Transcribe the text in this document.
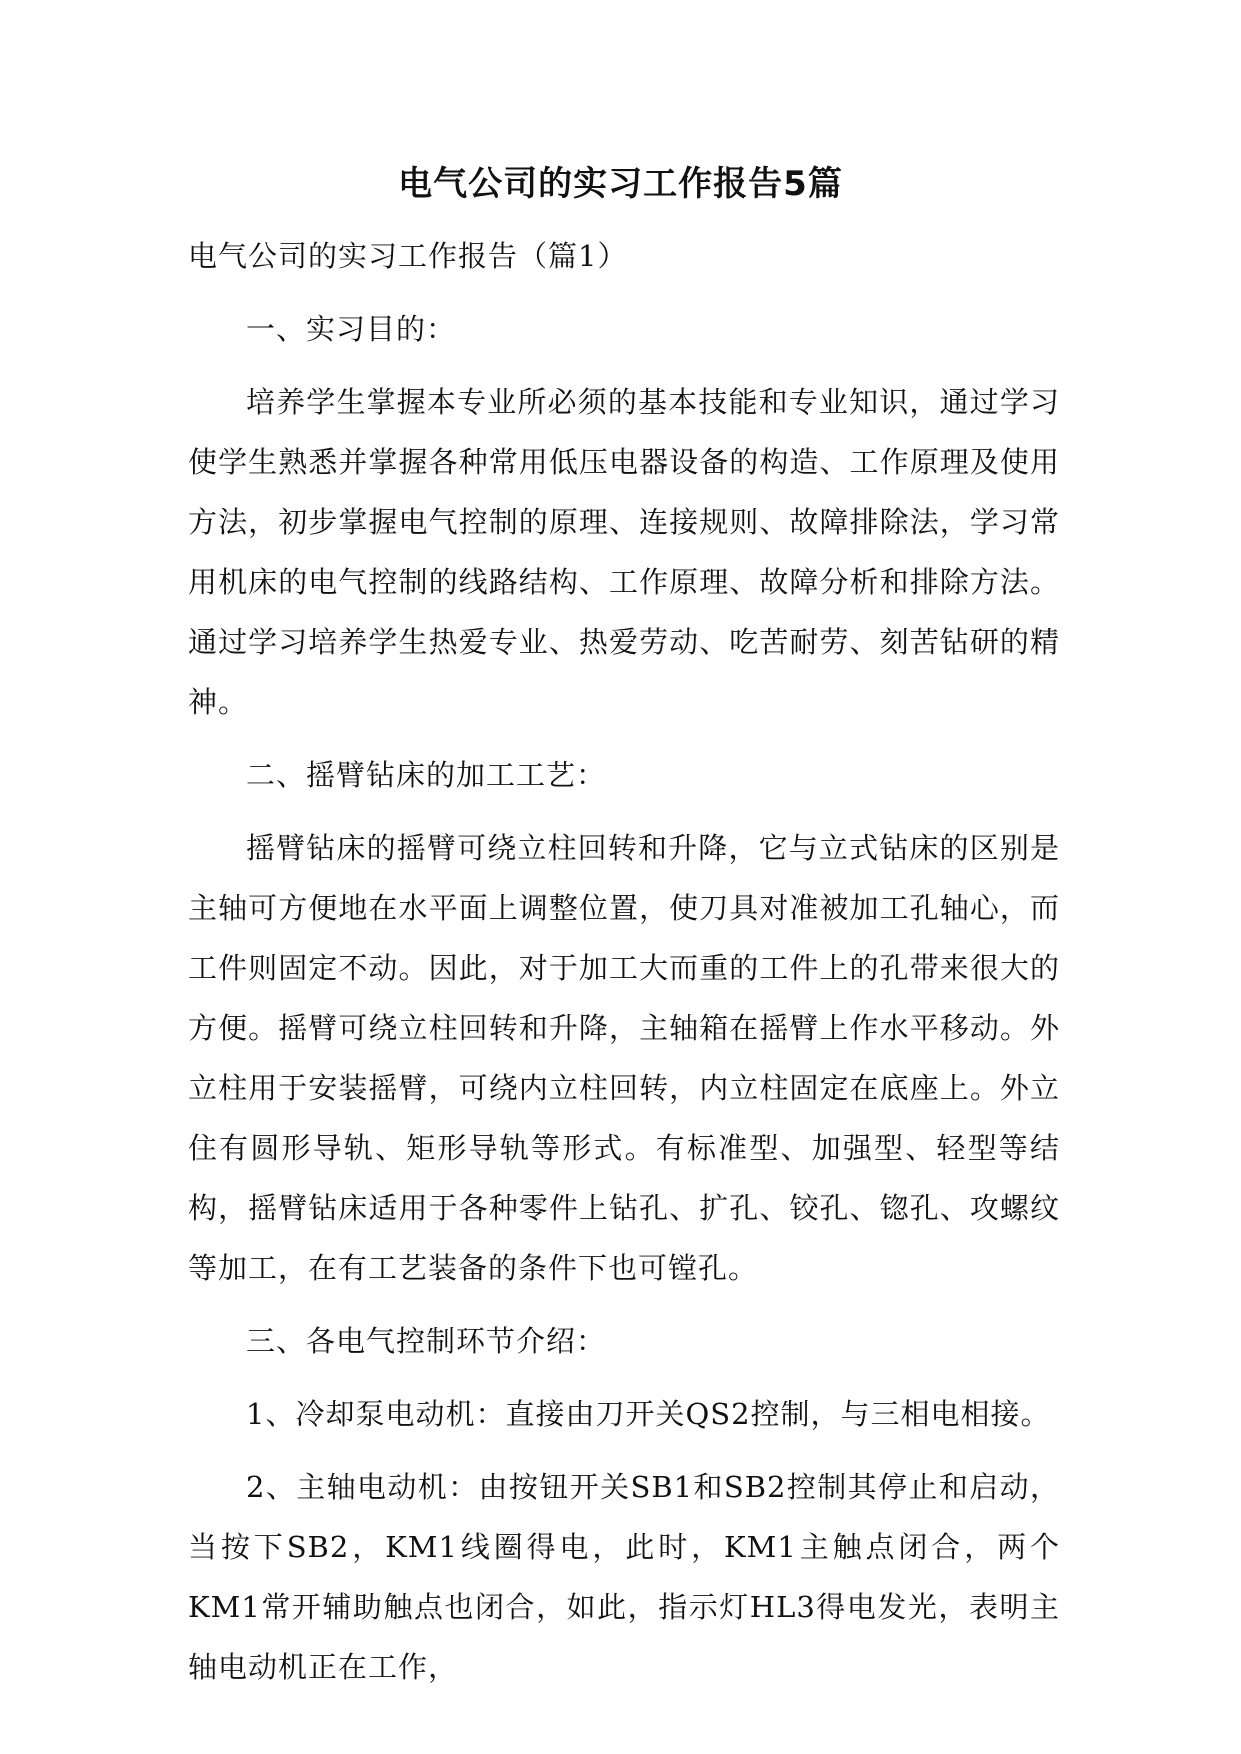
电气公司的实习工作报告5篇

电气公司的实习工作报告（篇1）

一、实习目的：

培养学生掌握本专业所必须的基本技能和专业知识，通过学习使学生熟悉并掌握各种常用低压电器设备的构造、工作原理及使用方法，初步掌握电气控制的原理、连接规则、故障排除法，学习常用机床的电气控制的线路结构、工作原理、故障分析和排除方法。通过学习培养学生热爱专业、热爱劳动、吃苦耐劳、刻苦钻研的精神。

二、摇臂钻床的加工工艺：

摇臂钻床的摇臂可绕立柱回转和升降，它与立式钻床的区别是主轴可方便地在水平面上调整位置，使刀具对准被加工孔轴心，而工件则固定不动。因此，对于加工大而重的工件上的孔带来很大的方便。摇臂可绕立柱回转和升降，主轴箱在摇臂上作水平移动。外立柱用于安装摇臂，可绕内立柱回转，内立柱固定在底座上。外立住有圆形导轨、矩形导轨等形式。有标准型、加强型、轻型等结构，摇臂钻床适用于各种零件上钻孔、扩孔、铰孔、锪孔、攻螺纹等加工，在有工艺装备的条件下也可镗孔。

三、各电气控制环节介绍：

1、冷却泵电动机：直接由刀开关QS2控制，与三相电相接。

2、主轴电动机：由按钮开关SB1和SB2控制其停止和启动，当按下SB2，KM1线圈得电，此时，KM1主触点闭合，两个KM1常开辅助触点也闭合，如此，指示灯HL3得电发光，表明主轴电动机正在工作，
